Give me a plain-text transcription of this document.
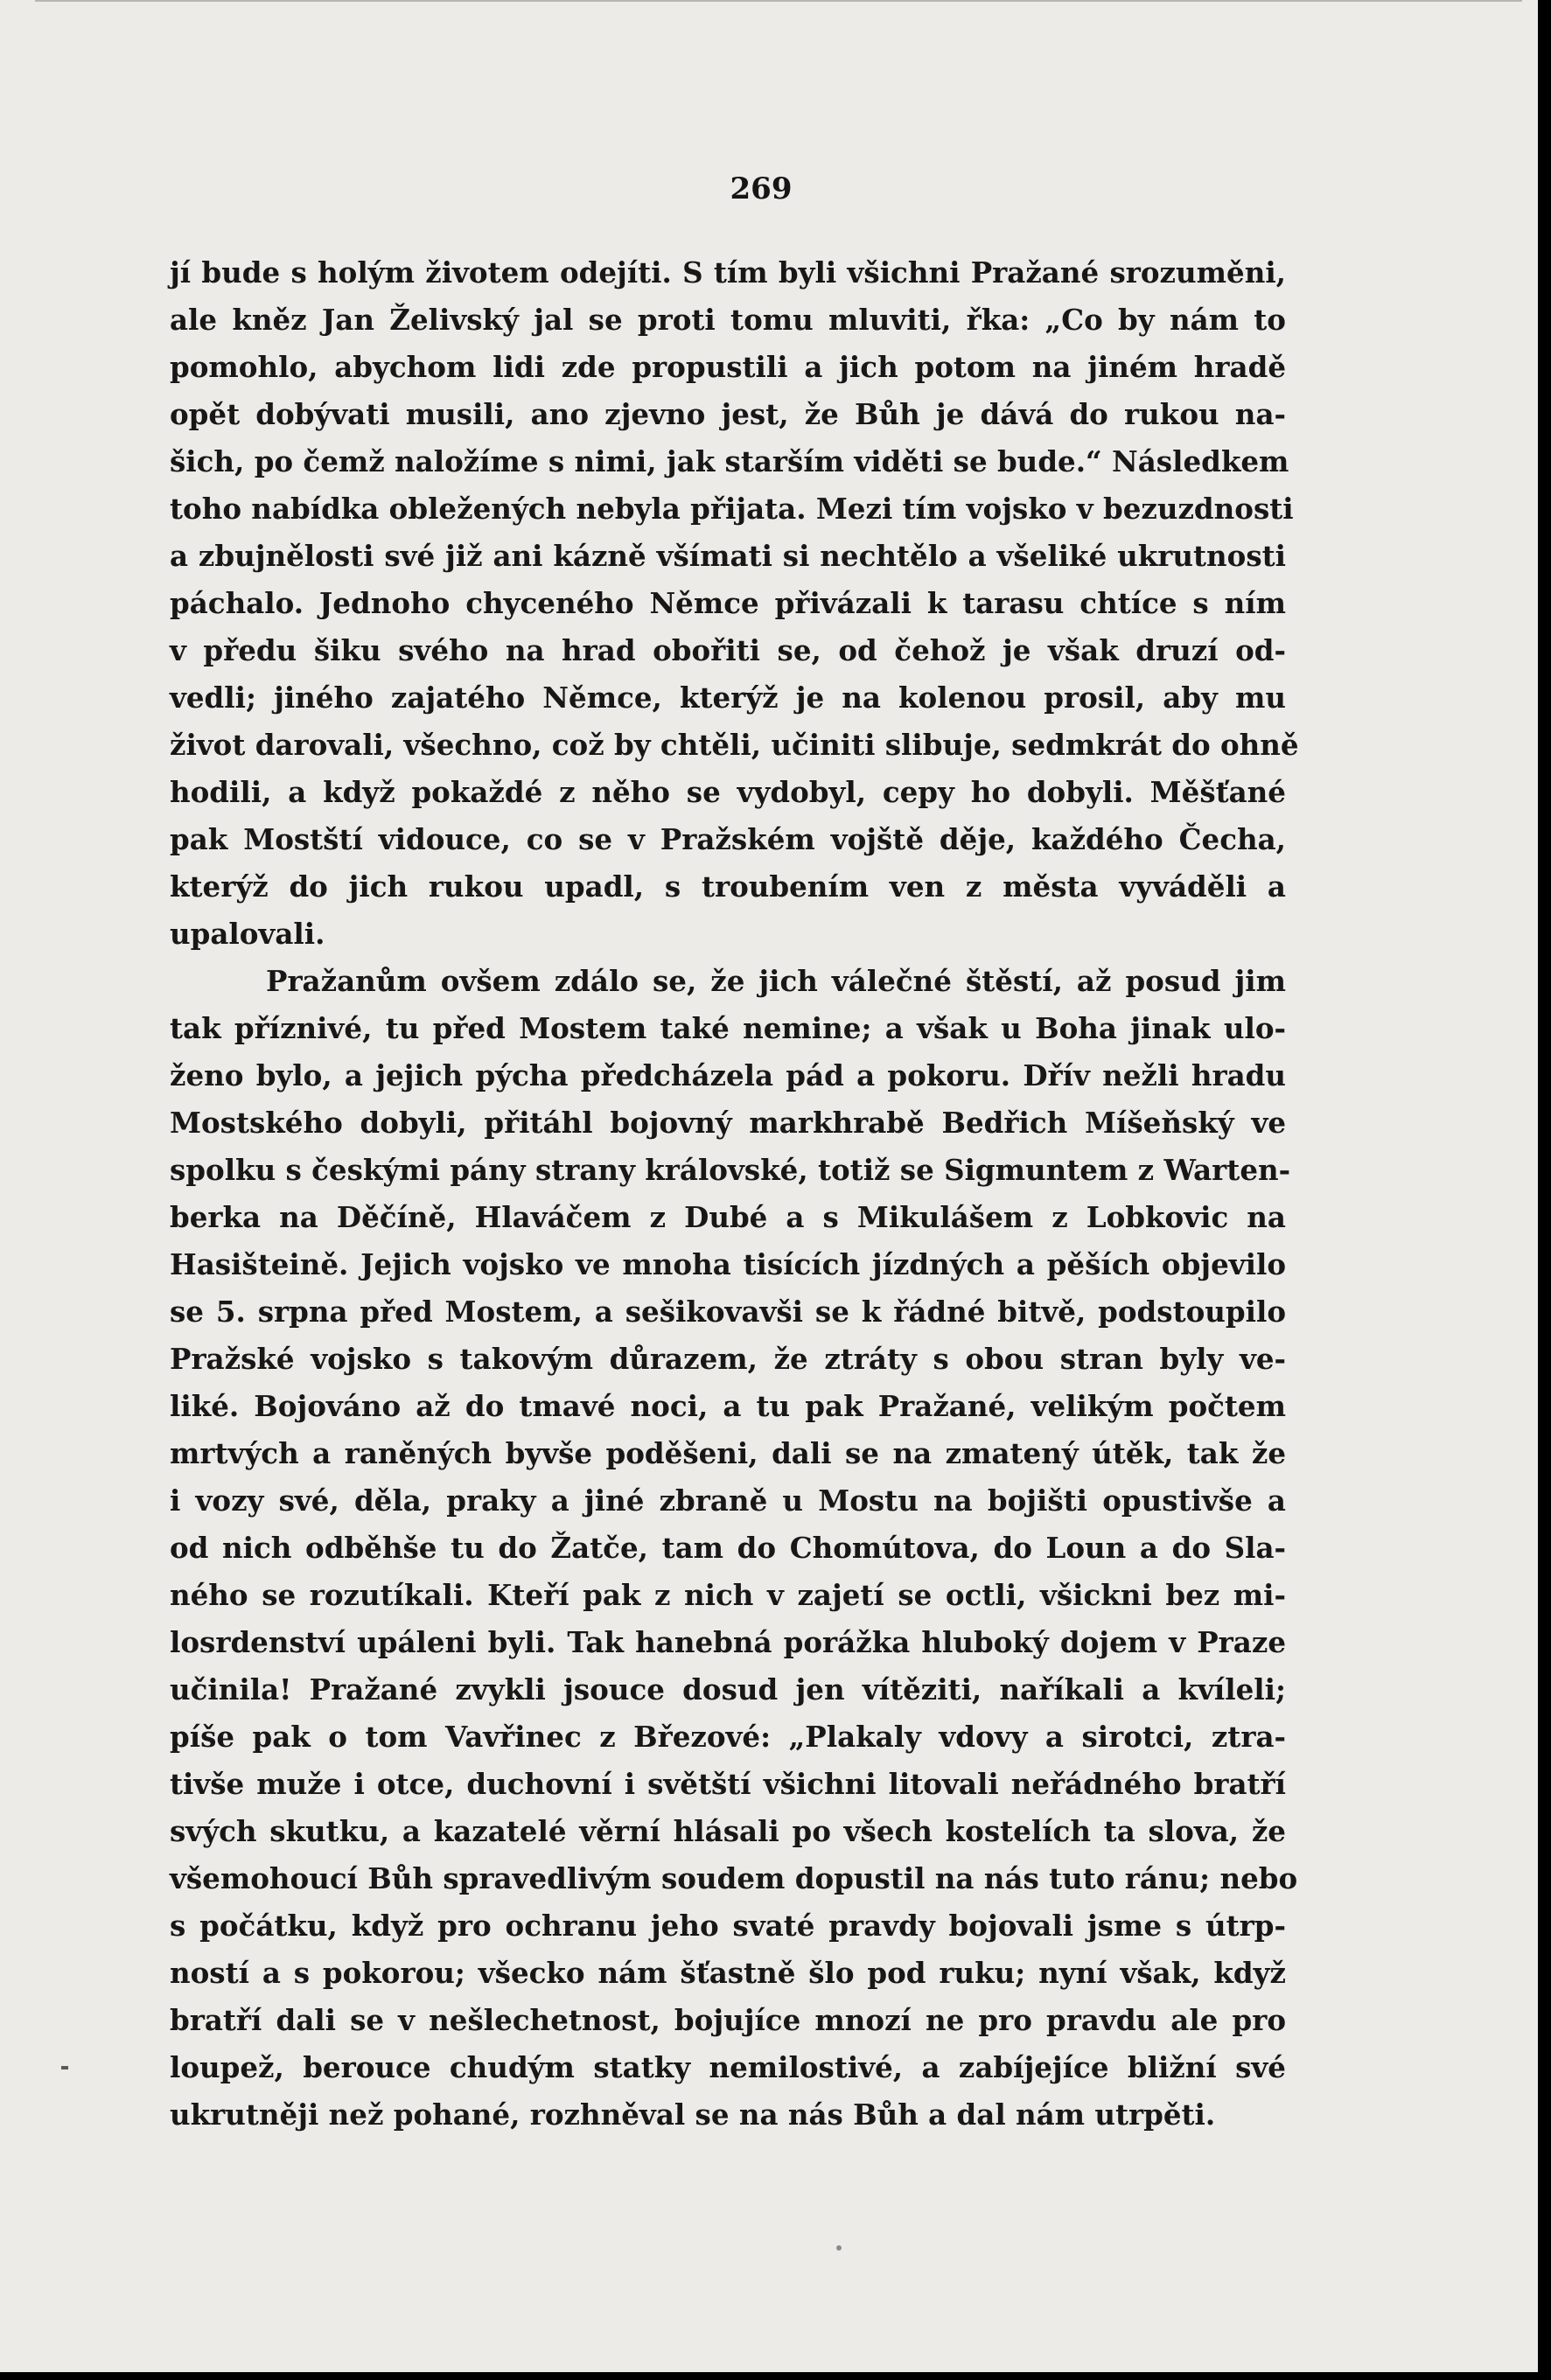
269
jí bude s holým životem odejíti. S tím byli všichni Pražané srozuměni,
ale kněz Jan Želivský jal se proti tomu mluviti, řka: „Co by nám to
pomohlo, abychom lidi zde propustili a jich potom na jiném hradě
opět dobývati musili, ano zjevno jest, že Bůh je dává do rukou na-
šich, po čemž naložíme s nimi, jak starším viděti se bude.“ Následkem
toho nabídka obležených nebyla přijata. Mezi tím vojsko v bezuzdnosti
a zbujnělosti své již ani kázně všímati si nechtělo a všeliké ukrutnosti
páchalo. Jednoho chyceného Němce přivázali k tarasu chtíce s ním
v předu šiku svého na hrad obořiti se, od čehož je však druzí od-
vedli; jiného zajatého Němce, kterýž je na kolenou prosil, aby mu
život darovali, všechno, což by chtěli, učiniti slibuje, sedmkrát do ohně
hodili, a když pokaždé z něho se vydobyl, cepy ho dobyli. Měšťané
pak Mostští vidouce, co se v Pražském vojště děje, každého Čecha,
kterýž do jich rukou upadl, s troubením ven z města vyváděli a
upalovali.
Pražanům ovšem zdálo se, že jich válečné štěstí, až posud jim
tak příznivé, tu před Mostem také nemine; a však u Boha jinak ulo-
ženo bylo, a jejich pýcha předcházela pád a pokoru. Dřív nežli hradu
Mostského dobyli, přitáhl bojovný markhrabě Bedřich Míšeňský ve
spolku s českými pány strany královské, totiž se Sigmuntem z Warten-
berka na Děčíně, Hlaváčem z Dubé a s Mikulášem z Lobkovic na
Hasišteině. Jejich vojsko ve mnoha tisících jízdných a pěších objevilo
se 5. srpna před Mostem, a sešikovavši se k řádné bitvě, podstoupilo
Pražské vojsko s takovým důrazem, že ztráty s obou stran byly ve-
liké. Bojováno až do tmavé noci, a tu pak Pražané, velikým počtem
mrtvých a raněných byvše poděšeni, dali se na zmatený útěk, tak že
i vozy své, děla, praky a jiné zbraně u Mostu na bojišti opustivše a
od nich odběhše tu do Žatče, tam do Chomútova, do Loun a do Sla-
ného se rozutíkali. Kteří pak z nich v zajetí se octli, všickni bez mi-
losrdenství upáleni byli. Tak hanebná porážka hluboký dojem v Praze
učinila! Pražané zvykli jsouce dosud jen vítěziti, naříkali a kvíleli;
píše pak o tom Vavřinec z Březové: „Plakaly vdovy a sirotci, ztra-
tivše muže i otce, duchovní i světští všichni litovali neřádného bratří
svých skutku, a kazatelé věrní hlásali po všech kostelích ta slova, že
všemohoucí Bůh spravedlivým soudem dopustil na nás tuto ránu; nebo
s počátku, když pro ochranu jeho svaté pravdy bojovali jsme s útrp-
ností a s pokorou; všecko nám šťastně šlo pod ruku; nyní však, když
bratří dali se v nešlechetnost, bojujíce mnozí ne pro pravdu ale pro
loupež, berouce chudým statky nemilostivé, a zabíjejíce bližní své
ukrutněji než pohané, rozhněval se na nás Bůh a dal nám utrpěti.
